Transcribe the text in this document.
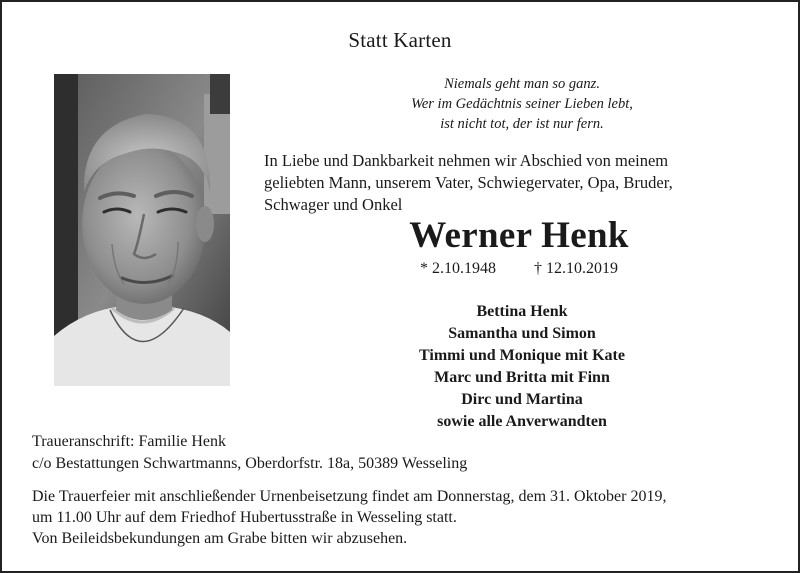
Statt Karten
Niemals geht man so ganz.
Wer im Gedächtnis seiner Lieben lebt,
ist nicht tot, der ist nur fern.
In Liebe und Dankbarkeit nehmen wir Abschied von meinem
geliebten Mann, unserem Vater, Schwiegervater, Opa, Bruder,
Schwager und Onkel
Werner Henk
* 2.10.1948 † 12.10.2019
Bettina Henk
Samantha und Simon
Timmi und Monique mit Kate
Marc und Britta mit Finn
Dirc und Martina
sowie alle Anverwandten
Traueranschrift: Familie Henk
c/o Bestattungen Schwartmanns, Oberdorfstr. 18a, 50389 Wesseling
Die Trauerfeier mit anschließender Urnenbeisetzung findet am Donnerstag, dem 31. Oktober 2019,
um 11.00 Uhr auf dem Friedhof Hubertusstraße in Wesseling statt.
Von Beileidsbekundungen am Grabe bitten wir abzusehen.
